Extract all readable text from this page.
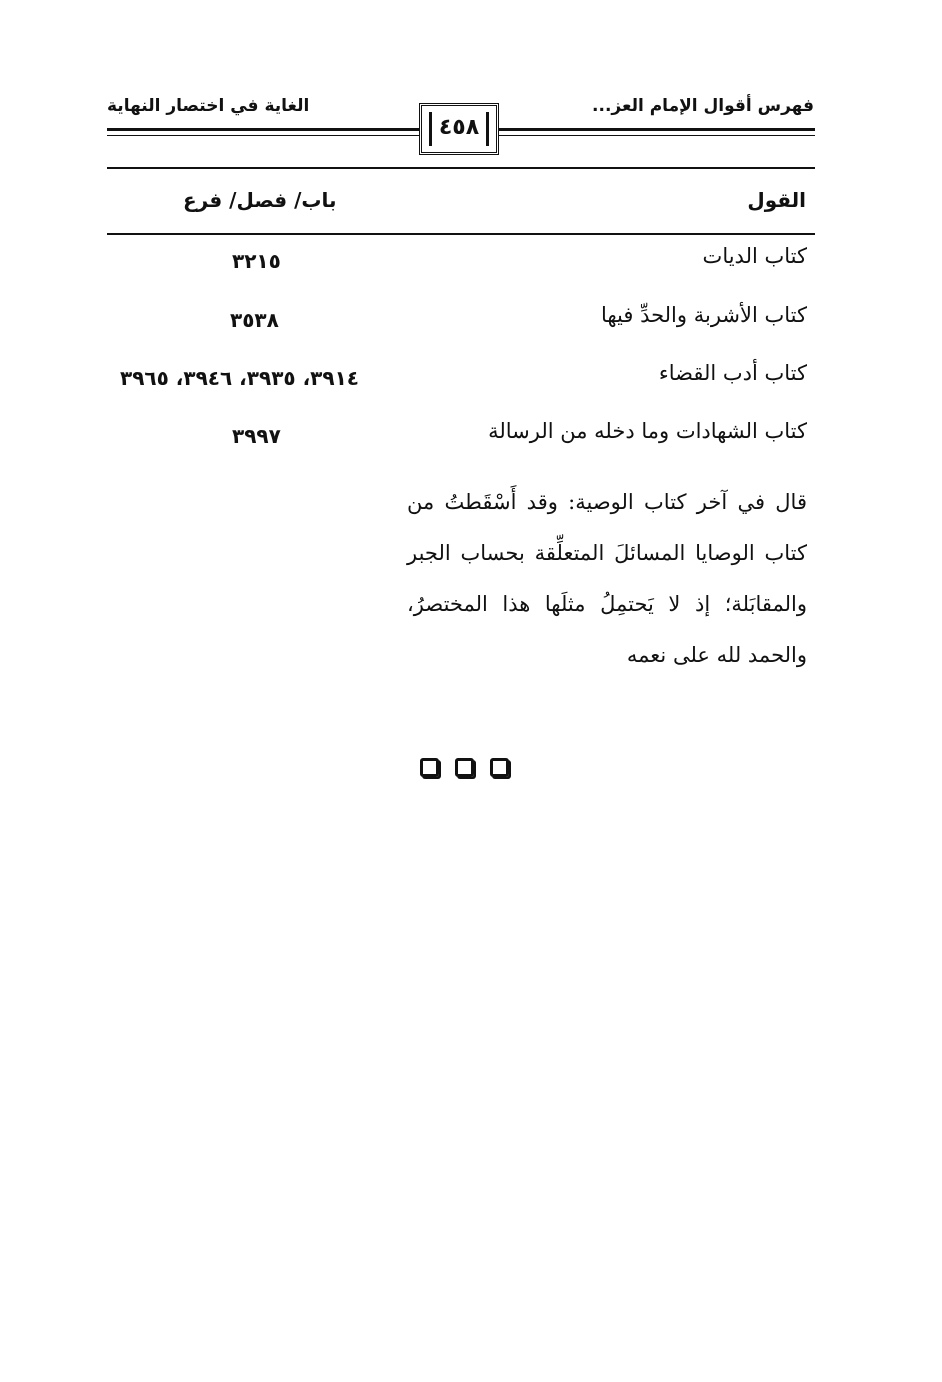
فهرس أقوال الإمام العز...
الغاية في اختصار النهاية
٤٥٨
القول
باب/ فصل/ فرع
كتاب الديات
٣٢١٥
كتاب الأشربة والحدِّ فيها
٣٥٣٨
كتاب أدب القضاء
٣٩١٤، ٣٩٣٥، ٣٩٤٦، ٣٩٦٥
كتاب الشهادات وما دخله من الرسالة
٣٩٩٧
قال في آخر كتاب الوصية: وقد أَسْقَطتُ من كتاب الوصايا المسائلَ المتعلِّقة بحساب الجبر والمقابَلة؛ إذ لا يَحتمِلُ مثلَها هذا المختصرُ، والحمد لله على نعمه
